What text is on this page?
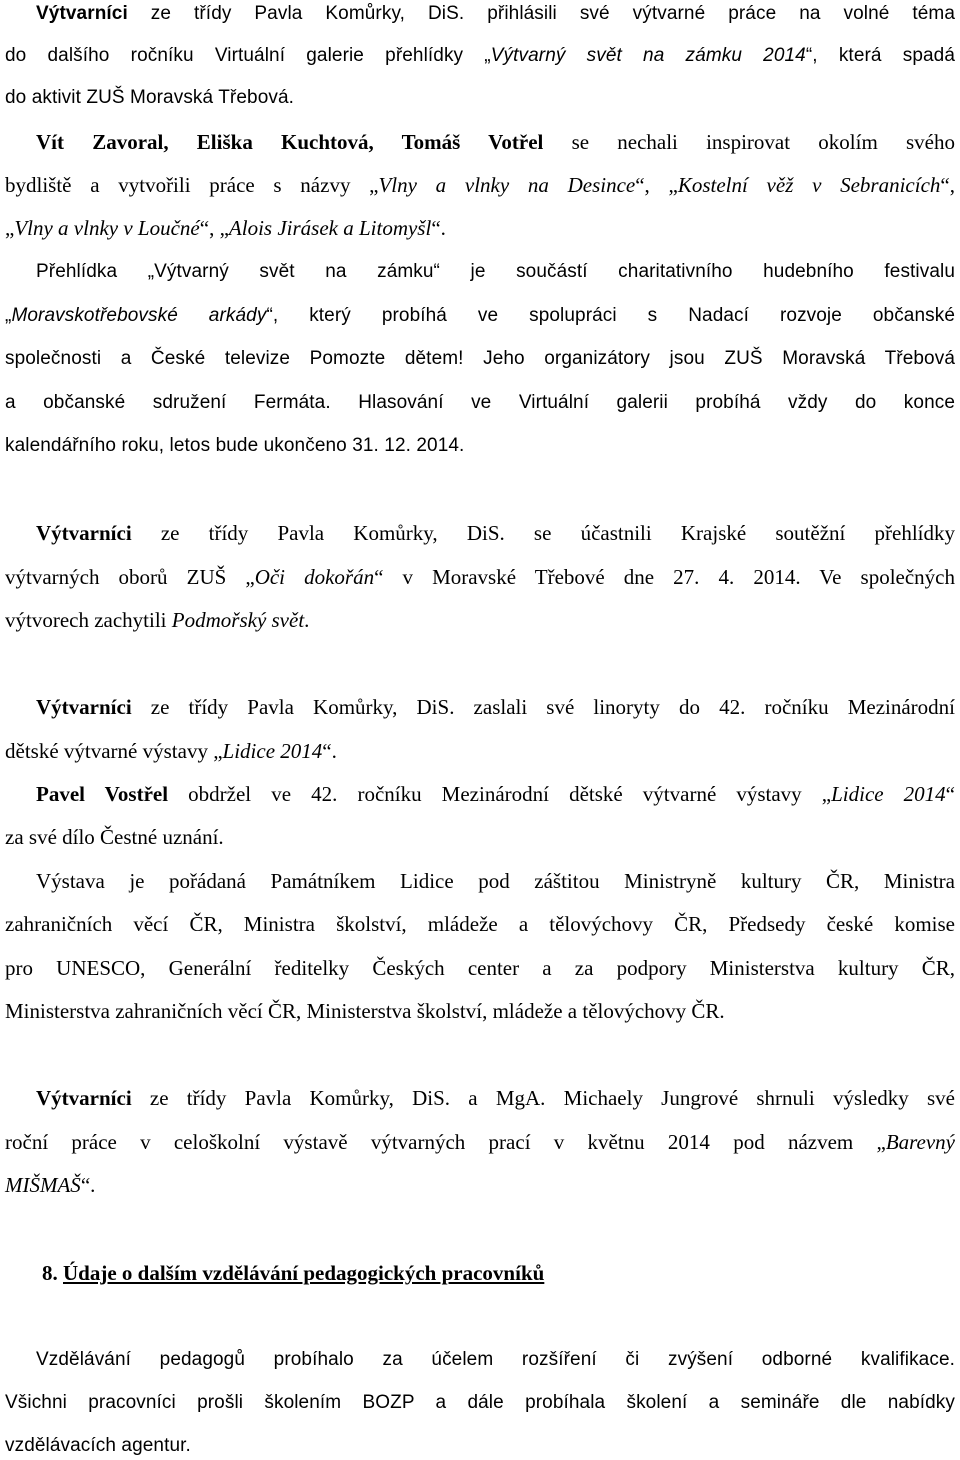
Výtvarníci ze třídy Pavla Komůrky, DiS. přihlásili své výtvarné práce na volné téma
do dalšího ročníku Virtuální galerie přehlídky „Výtvarný svět na zámku 2014“, která spadá
do aktivit ZUŠ Moravská Třebová.
Vít Zavoral, Eliška Kuchtová, Tomáš Votřel se nechali inspirovat okolím svého
bydliště a vytvořili práce s názvy „Vlny a vlnky na Desince“, „Kostelní věž v Sebranicích“,
„Vlny a vlnky v Loučné“, „Alois Jirásek a Litomyšl“.
Přehlídka „Výtvarný svět na zámku“ je součástí charitativního hudebního festivalu
„Moravskotřebovské arkády“, který probíhá ve spolupráci s Nadací rozvoje občanské
společnosti a České televize Pomozte dětem! Jeho organizátory jsou ZUŠ Moravská Třebová
a občanské sdružení Fermáta. Hlasování ve Virtuální galerii probíhá vždy do konce
kalendářního roku, letos bude ukončeno 31. 12. 2014.
Výtvarníci ze třídy Pavla Komůrky, DiS. se účastnili Krajské soutěžní přehlídky
výtvarných oborů ZUŠ „Oči dokořán“ v Moravské Třebové dne 27. 4. 2014. Ve společných
výtvorech zachytili Podmořský svět.
Výtvarníci ze třídy Pavla Komůrky, DiS. zaslali své linoryty do 42. ročníku Mezinárodní
dětské výtvarné výstavy „Lidice 2014“.
Pavel Vostřel obdržel ve 42. ročníku Mezinárodní dětské výtvarné výstavy „Lidice 2014“
za své dílo Čestné uznání.
Výstava je pořádaná Památníkem Lidice pod záštitou Ministryně kultury ČR, Ministra
zahraničních věcí ČR, Ministra školství, mládeže a tělovýchovy ČR, Předsedy české komise
pro UNESCO, Generální ředitelky Českých center a za podpory Ministerstva kultury ČR,
Ministerstva zahraničních věcí ČR, Ministerstva školství, mládeže a tělovýchovy ČR.
Výtvarníci ze třídy Pavla Komůrky, DiS. a MgA. Michaely Jungrové shrnuli výsledky své
roční práce v celoškolní výstavě výtvarných prací v květnu 2014 pod názvem „Barevný
MIŠMAŠ“.
8. Údaje o dalším vzdělávání pedagogických pracovníků
Vzdělávání pedagogů probíhalo za účelem rozšíření či zvýšení odborné kvalifikace.
Všichni pracovníci prošli školením BOZP a dále probíhala školení a semináře dle nabídky
vzdělávacích agentur.
